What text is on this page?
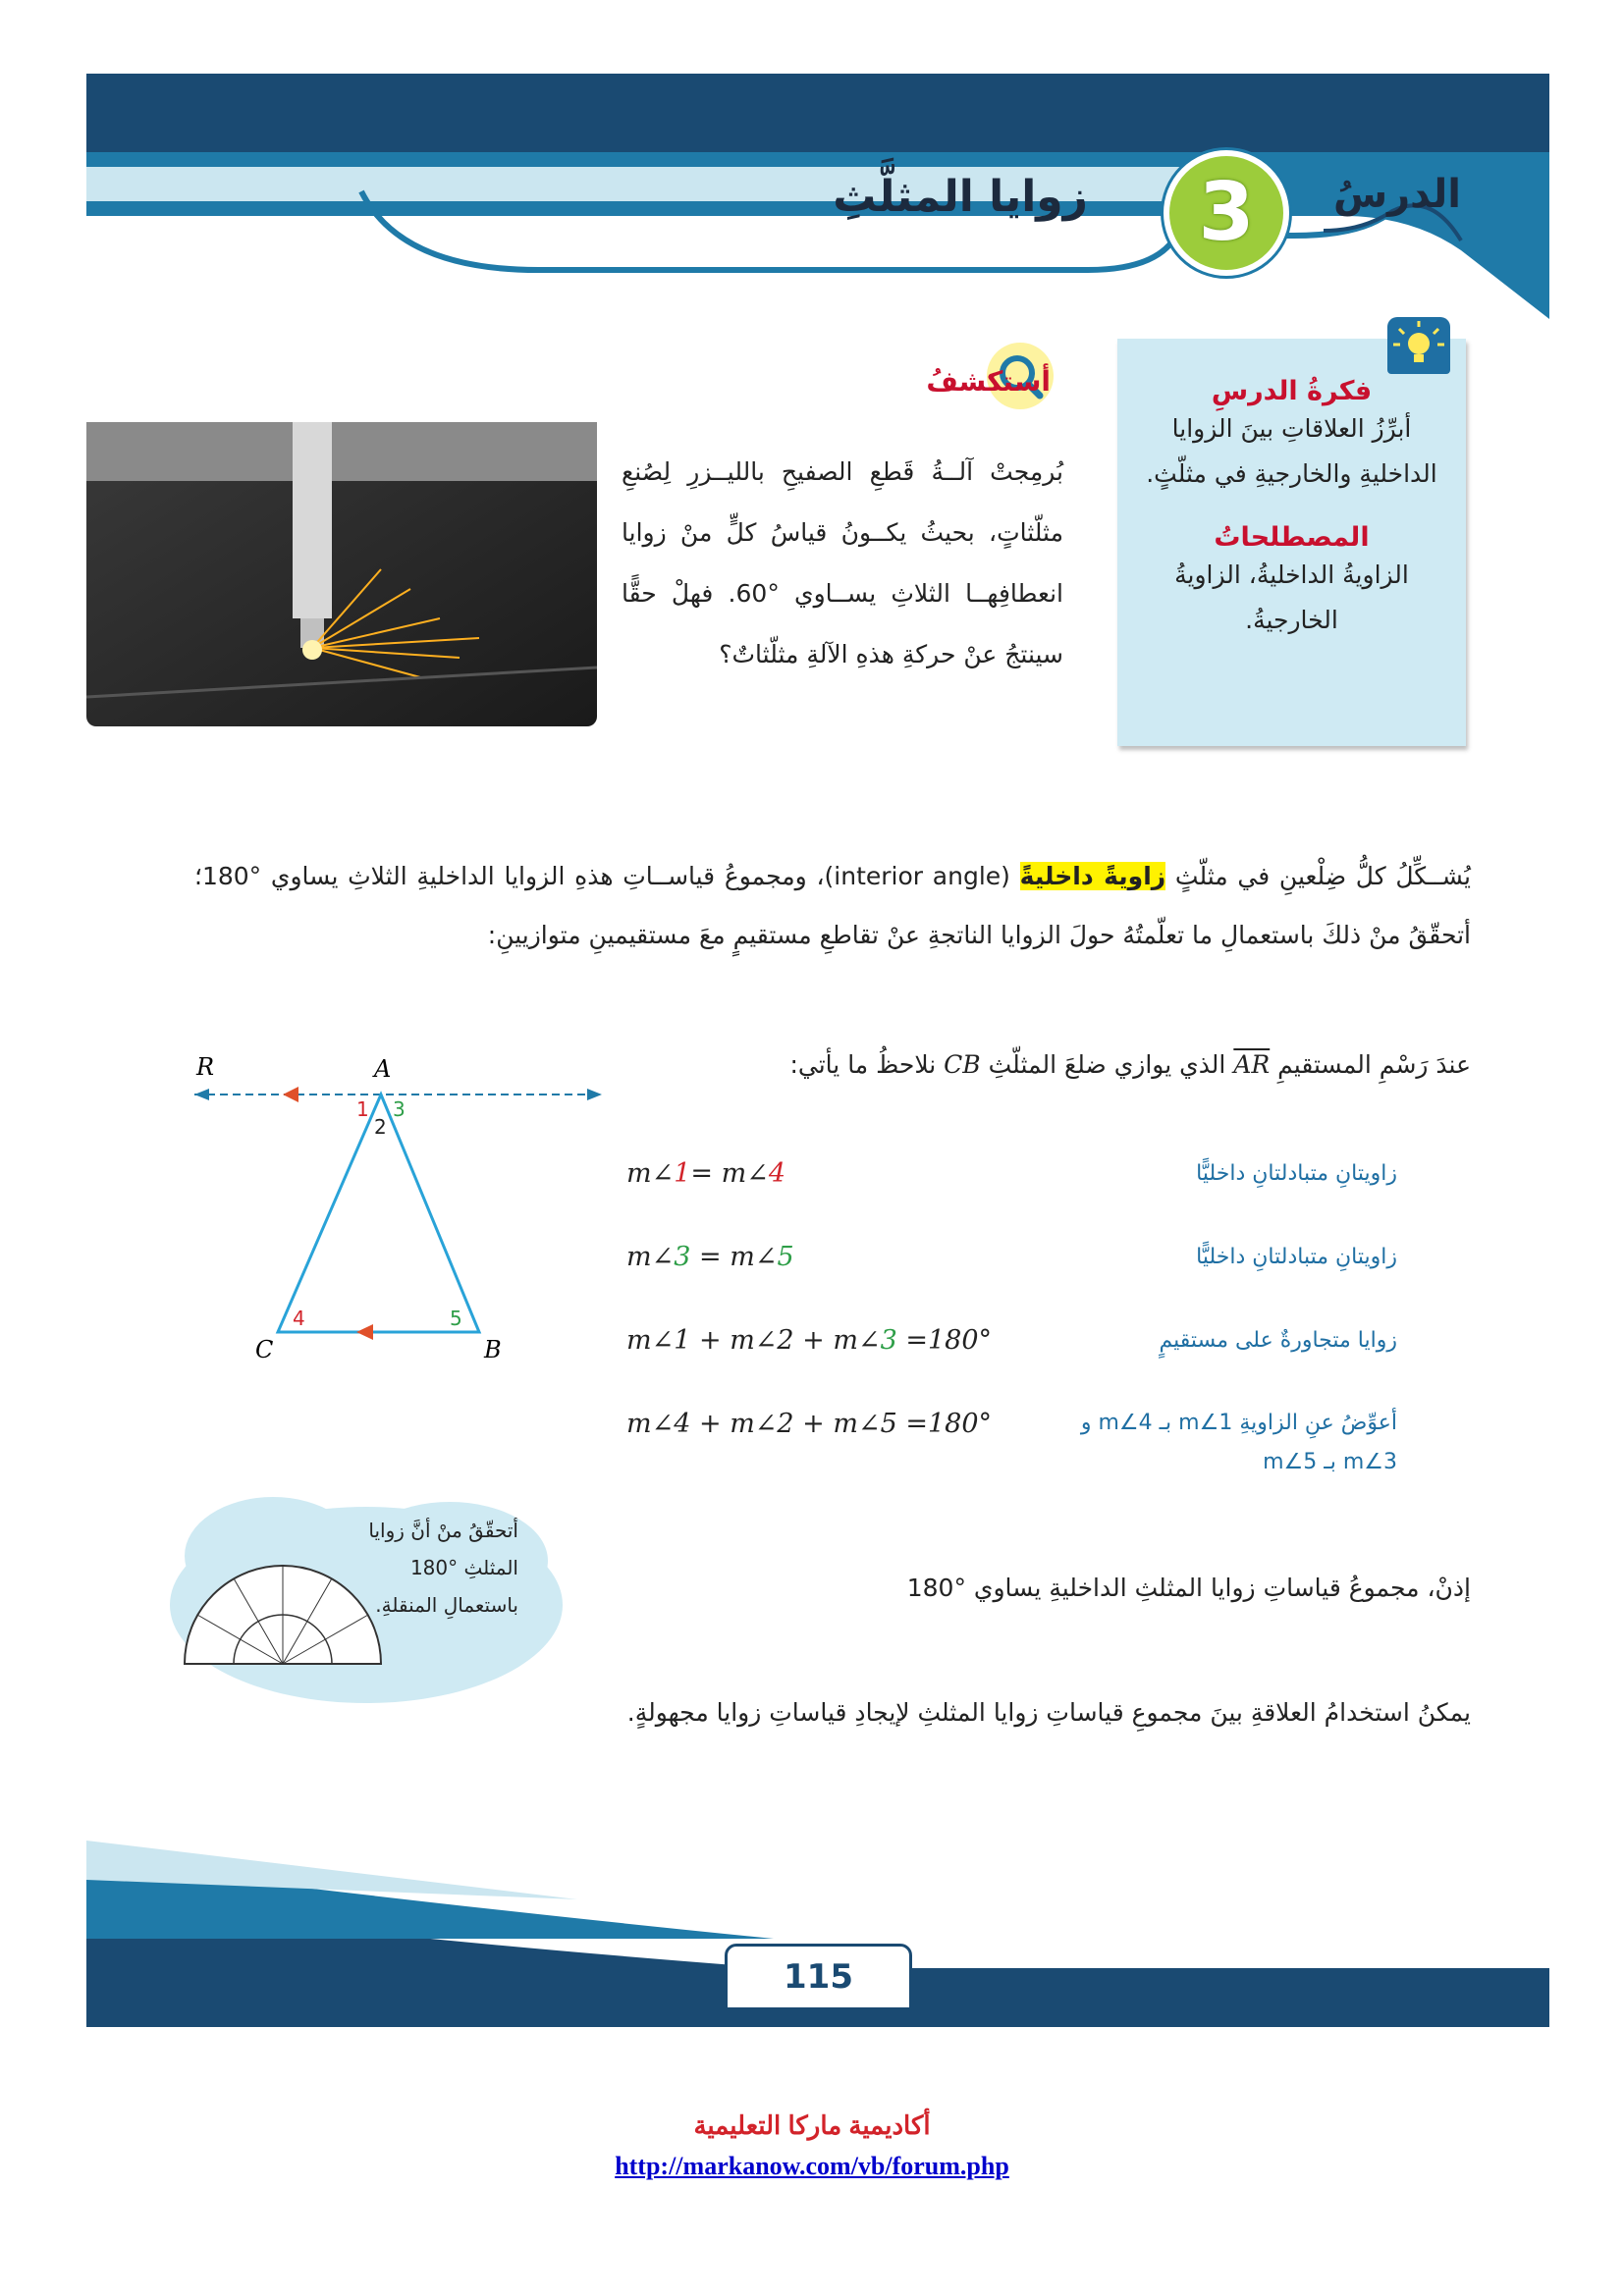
زوايا المثلَّثِ	3	الدرسُ
فكرةُ الدرسِ
أبرِّزُ العلاقاتِ بينَ الزوايا الداخليةِ والخارجيةِ في مثلّثٍ.
المصطلحاتُ
الزاويةُ الداخليةُ، الزاويةُ الخارجيةُ.
أستكشفُ
بُرمِجتْ آلــةُ قَطعِ الصفيحِ بالليــزرِ لِصُنعِ مثلّثاتٍ، بحيثُ يكــونُ قياسُ كلٍّ منْ زوايا انعطافِهــا الثلاثِ يســاوي °60. فهلْ حقًّا سينتجُ عنْ حركةِ هذهِ الآلةِ مثلّثاتٌ؟
يُشــكِّلُ كلُّ ضِلْعينِ في مثلّثٍ زاويةً داخليةً (interior angle)، ومجموعُ قياســاتِ هذهِ الزوايا الداخليةِ الثلاثِ يساوي °180؛ أتحقّقُ منْ ذلكَ باستعمالِ ما تعلّمتُهُ حولَ الزوايا الناتجةِ عنْ تقاطعِ مستقيمٍ معَ مستقيمينِ متوازيينِ:
عندَ رَسْمِ المستقيمِ AR الذي يوازي ضلعَ المثلّثِ CB نلاحظُ ما يأتي:
R	A
C	B
1
2
3
4	5
m∠1= m∠4	زاويتانِ متبادلتانِ داخليًّا
m∠3 = m∠5	زاويتانِ متبادلتانِ داخليًّا
m∠1 + m∠2 + m∠3 =180°	زوايا متجاورةٌ على مستقيمٍ
m∠4 + m∠2 + m∠5 =180°	أعوِّضُ عنِ الزاويةِ m∠1 بـ m∠4 و m∠3 بـ m∠5
إذنْ، مجموعُ قياساتِ زوايا المثلثِ الداخليةِ يساوي °180
أتحقّقُ منْ أنَّ زوايا المثلثِ °180 باستعمالِ المنقلةِ.
يمكنُ استخدامُ العلاقةِ بينَ مجموعِ قياساتِ زوايا المثلثِ لإيجادِ قياساتِ زوايا مجهولةٍ.
115
أكاديمية ماركا التعليمية
http://markanow.com/vb/forum.php
